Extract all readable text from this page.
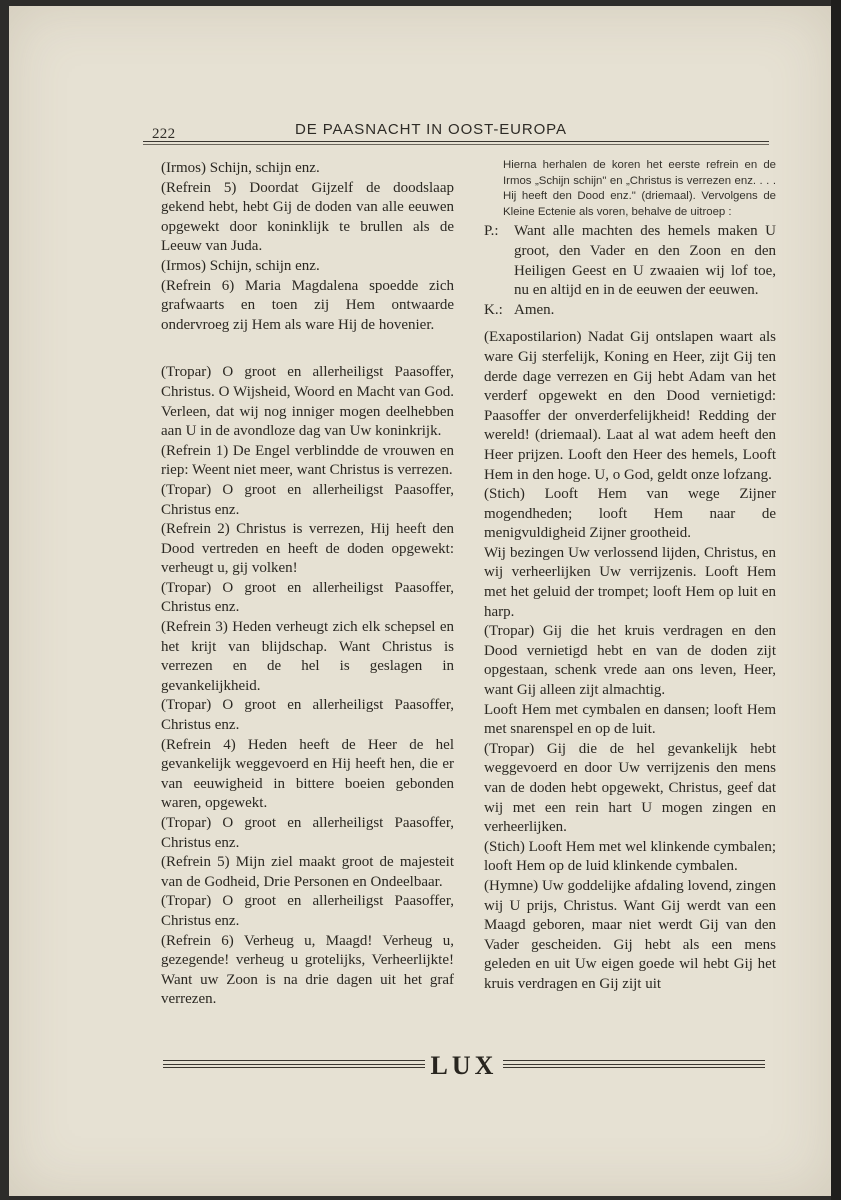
222	DE PAASNACHT IN OOST-EUROPA

(Irmos) Schijn, schijn enz.

(Refrein 5) Doordat Gijzelf de doodslaap gekend hebt, hebt Gij de doden van alle eeuwen opgewekt door koninklijk te brullen als de Leeuw van Juda.

(Irmos) Schijn, schijn enz.

(Refrein 6) Maria Magdalena spoedde zich grafwaarts en toen zij Hem ontwaarde ondervroeg zij Hem als ware Hij de hovenier.

(Tropar) O groot en allerheiligst Paasoffer, Christus. O Wijsheid, Woord en Macht van God. Verleen, dat wij nog inniger mogen deelhebben aan U in de avondloze dag van Uw koninkrijk.

(Refrein 1) De Engel verblindde de vrouwen en riep: Weent niet meer, want Christus is verrezen.

(Tropar) O groot en allerheiligst Paasoffer, Christus enz.

(Refrein 2) Christus is verrezen, Hij heeft den Dood vertreden en heeft de doden opgewekt: verheugt u, gij volken!

(Tropar) O groot en allerheiligst Paasoffer, Christus enz.

(Refrein 3) Heden verheugt zich elk schepsel en het krijt van blijdschap. Want Christus is verrezen en de hel is geslagen in gevankelijkheid.

(Tropar) O groot en allerheiligst Paasoffer, Christus enz.

(Refrein 4) Heden heeft de Heer de hel gevankelijk weggevoerd en Hij heeft hen, die er van eeuwigheid in bittere boeien gebonden waren, opgewekt.

(Tropar) O groot en allerheiligst Paasoffer, Christus enz.

(Refrein 5) Mijn ziel maakt groot de majesteit van de Godheid, Drie Personen en Ondeelbaar.

(Tropar) O groot en allerheiligst Paasoffer, Christus enz.

(Refrein 6) Verheug u, Maagd! Verheug u, gezegende! verheug u grotelijks, Verheerlijkte! Want uw Zoon is na drie dagen uit het graf verrezen.

Hierna herhalen de koren het eerste refrein en de Irmos „Schijn schijn" en „Christus is verrezen enz. . . . Hij heeft den Dood enz." (driemaal). Vervolgens de Kleine Ectenie als voren, behalve de uitroep :

P.: Want alle machten des hemels maken U groot, den Vader en den Zoon en den Heiligen Geest en U zwaaien wij lof toe, nu en altijd en in de eeuwen der eeuwen.

K.: Amen.

(Exapostilarion) Nadat Gij ontslapen waart als ware Gij sterfelijk, Koning en Heer, zijt Gij ten derde dage verrezen en Gij hebt Adam van het verderf opgewekt en den Dood vernietigd: Paasoffer der onverderfelijkheid! Redding der wereld! (driemaal). Laat al wat adem heeft den Heer prijzen. Looft den Heer des hemels, Looft Hem in den hoge. U, o God, geldt onze lofzang.

(Stich) Looft Hem van wege Zijner mogendheden; looft Hem naar de menigvuldigheid Zijner grootheid.

Wij bezingen Uw verlossend lijden, Christus, en wij verheerlijken Uw verrijzenis. Looft Hem met het geluid der trompet; looft Hem op luit en harp.

(Tropar) Gij die het kruis verdragen en den Dood vernietigd hebt en van de doden zijt opgestaan, schenk vrede aan ons leven, Heer, want Gij alleen zijt almachtig.

Looft Hem met cymbalen en dansen; looft Hem met snarenspel en op de luit.

(Tropar) Gij die de hel gevankelijk hebt weggevoerd en door Uw verrijzenis den mens van de doden hebt opgewekt, Christus, geef dat wij met een rein hart U mogen zingen en verheerlijken.

(Stich) Looft Hem met wel klinkende cymbalen; looft Hem op de luid klinkende cymbalen.

(Hymne) Uw goddelijke afdaling lovend, zingen wij U prijs, Christus. Want Gij werdt van een Maagd geboren, maar niet werdt Gij van den Vader gescheiden. Gij hebt als een mens geleden en uit Uw eigen goede wil hebt Gij het kruis verdragen en Gij zijt uit

LUX
